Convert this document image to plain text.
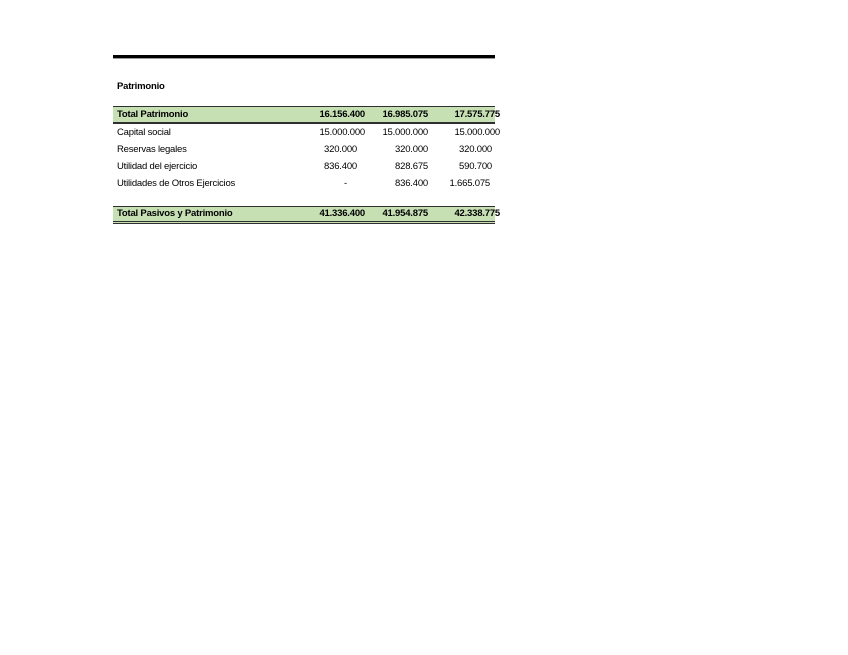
Patrimonio
Total Patrimonio	16.156.400	16.985.075	17.575.775
Capital social	15.000.000	15.000.000	15.000.000
Reservas legales	320.000	320.000	320.000
Utilidad del ejercicio	836.400	828.675	590.700
Utilidades de Otros Ejercicios	-	836.400	1.665.075
Total Pasivos y Patrimonio	41.336.400	41.954.875	42.338.775
